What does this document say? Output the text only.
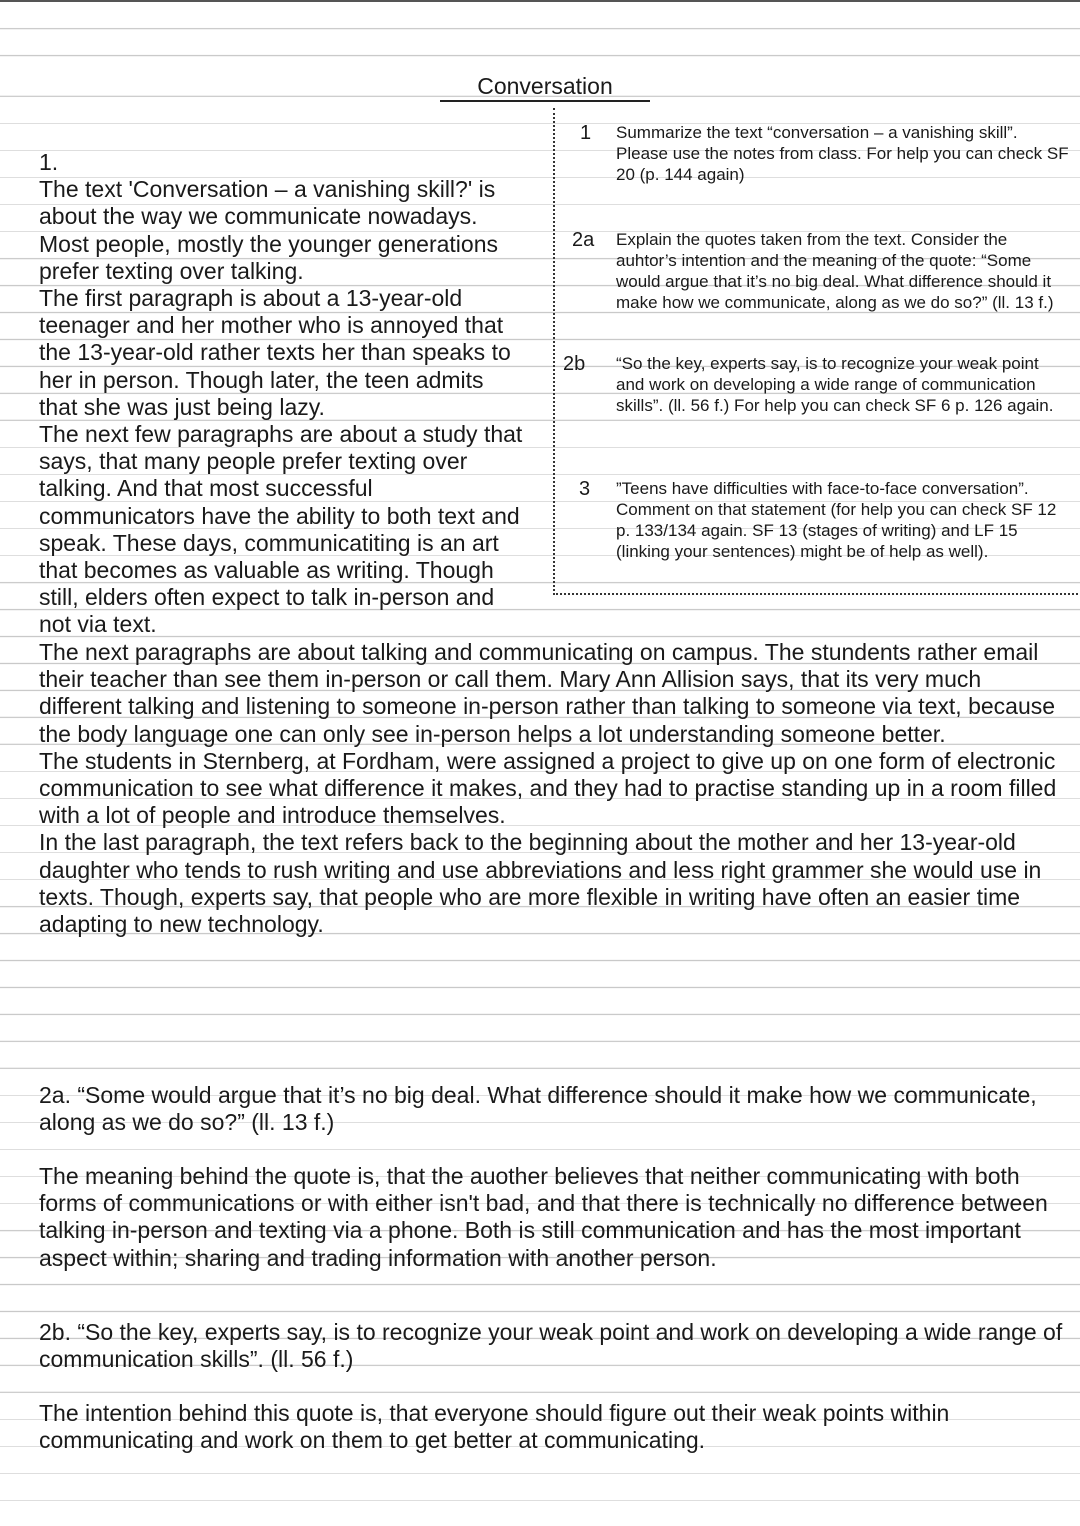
Conversation
1 Summarize the text “conversation – a vanishing skill”. Please use the notes from class. For help you can check SF 20 (p. 144 again)
2a Explain the quotes taken from the text. Consider the auhtor’s intention and the meaning of the quote: “Some would argue that it’s no big deal. What difference should it make how we communicate, along as we do so?” (ll. 13 f.)
2b “So the key, experts say, is to recognize your weak point and work on developing a wide range of communication skills”. (ll. 56 f.) For help you can check SF 6 p. 126 again.
3 ”Teens have difficulties with face-to-face conversation”. Comment on that statement (for help you can check SF 12 p. 133/134 again. SF 13 (stages of writing) and LF 15 (linking your sentences) might be of help as well).
1.
The text 'Conversation – a vanishing skill?' is
about the way we communicate nowadays.
Most people, mostly the younger generations
prefer texting over talking.
The first paragraph is about a 13-year-old
teenager and her mother who is annoyed that
the 13-year-old rather texts her than speaks to
her in person. Though later, the teen admits
that she was just being lazy.
The next few paragraphs are about a study that
says, that many people prefer texting over
talking. And that most successful
communicators have the ability to both text and
speak. These days, communicatiting is an art
that becomes as valuable as writing. Though
still, elders often expect to talk in-person and
not via text.

The next paragraphs are about talking and communicating on campus. The stundents rather email their teacher than see them in-person or call them. Mary Ann Allision says, that its very much different talking and listening to someone in-person rather than talking to someone via text, because the body language one can only see in-person helps a lot understanding someone better.

The students in Sternberg, at Fordham, were assigned a project to give up on one form of electronic communication to see what difference it makes, and they had to practise standing up in a room filled with a lot of people and introduce themselves.

In the last paragraph, the text refers back to the beginning about the mother and her 13-year-old daughter who tends to rush writing and use abbreviations and less right grammer she would use in texts. Though, experts say, that people who are more flexible in writing have often an easier time adapting to new technology.

2a. “Some would argue that it’s no big deal. What difference should it make how we communicate, along as we do so?” (ll. 13 f.)

The meaning behind the quote is, that the auother believes that neither communicating with both forms of communications or with either isn't bad, and that there is technically no difference between talking in-person and texting via a phone. Both is still communication and has the most important aspect within; sharing and trading information with another person.

2b. “So the key, experts say, is to recognize your weak point and work on developing a wide range of communication skills”. (ll. 56 f.)

The intention behind this quote is, that everyone should figure out their weak points within communicating and work on them to get better at communicating.
